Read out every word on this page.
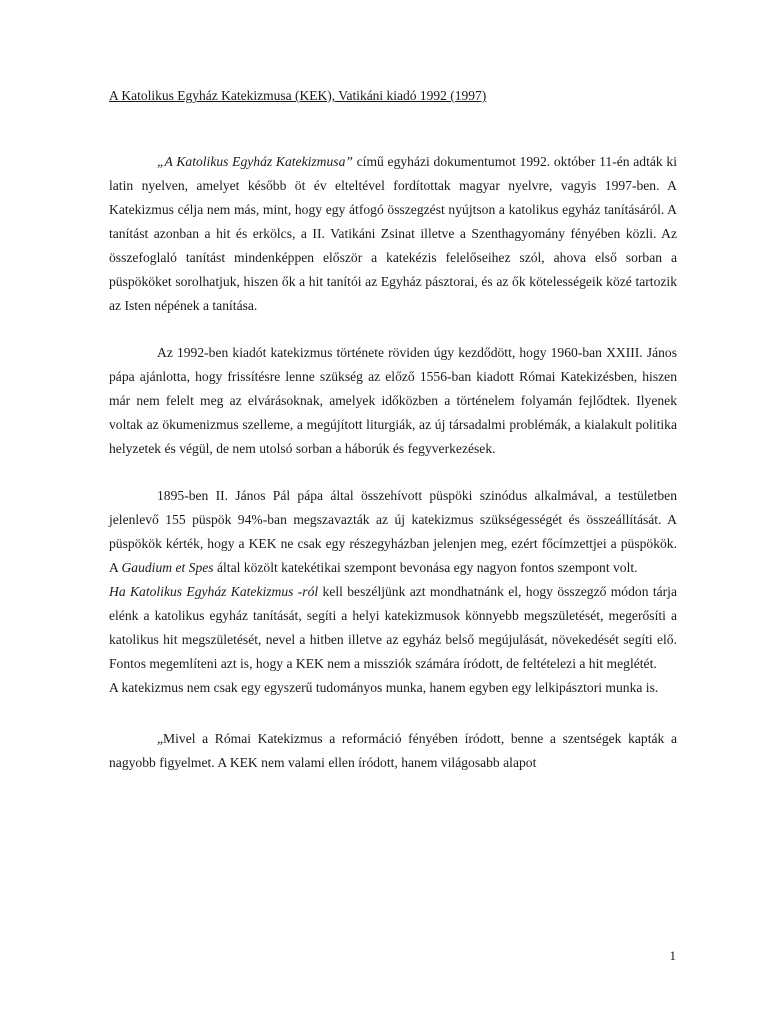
A Katolikus Egyház Katekizmusa (KEK), Vatikáni kiadó 1992 (1997)

„A Katolikus Egyház Katekizmusa” című egyházi dokumentumot 1992. október 11-én adták ki latin nyelven, amelyet később öt év elteltével fordítottak magyar nyelvre, vagyis 1997-ben. A Katekizmus célja nem más, mint, hogy egy átfogó összegzést nyújtson a katolikus egyház tanításáról. A tanítást azonban a hit és erkölcs, a II. Vatikáni Zsinat illetve a Szenthagyomány fényében közli. Az összefoglaló tanítást mindenképpen először a katekézis felelőseihez szól, ahova első sorban a püspököket sorolhatjuk, hiszen ők a hit tanítói az Egyház pásztorai, és az ők kötelességeik közé tartozik az Isten népének a tanítása.

Az 1992-ben kiadót katekizmus története röviden úgy kezdődött, hogy 1960-ban XXIII. János pápa ajánlotta, hogy frissítésre lenne szükség az előző 1556-ban kiadott Római Katekizésben, hiszen már nem felelt meg az elvárásoknak, amelyek időközben a történelem folyamán fejlődtek. Ilyenek voltak az ökumenizmus szelleme, a megújított liturgiák, az új társadalmi problémák, a kialakult politika helyzetek és végül, de nem utolsó sorban a háborúk és fegyverkezések.

1895-ben II. János Pál pápa által összehívott püspöki szinódus alkalmával, a testületben jelenlevő 155 püspök 94%-ban megszavazták az új katekizmus szükségességét és összeállítását. A püspökök kérték, hogy a KEK ne csak egy részegyházban jelenjen meg, ezért főcímzettjei a püspökök. A Gaudium et Spes által közölt katekétikai szempont bevonása egy nagyon fontos szempont volt.

Ha Katolikus Egyház Katekizmus -ról kell beszéljünk azt mondhatnánk el, hogy összegző módon tárja elénk a katolikus egyház tanítását, segíti a helyi katekizmusok könnyebb megszületését, megerősíti a katolikus hit megszületését, nevel a hitben illetve az egyház belső megújulását, növekedését segíti elő. Fontos megemlíteni azt is, hogy a KEK nem a missziók számára íródott, de feltételezi a hit meglétét.

A katekizmus nem csak egy egyszerű tudományos munka, hanem egyben egy lelkipásztori munka is.

„Mivel a Római Katekizmus a reformáció fényében íródott, benne a szentségek kapták a nagyobb figyelmet. A KEK nem valami ellen íródott, hanem világosabb alapot

1
